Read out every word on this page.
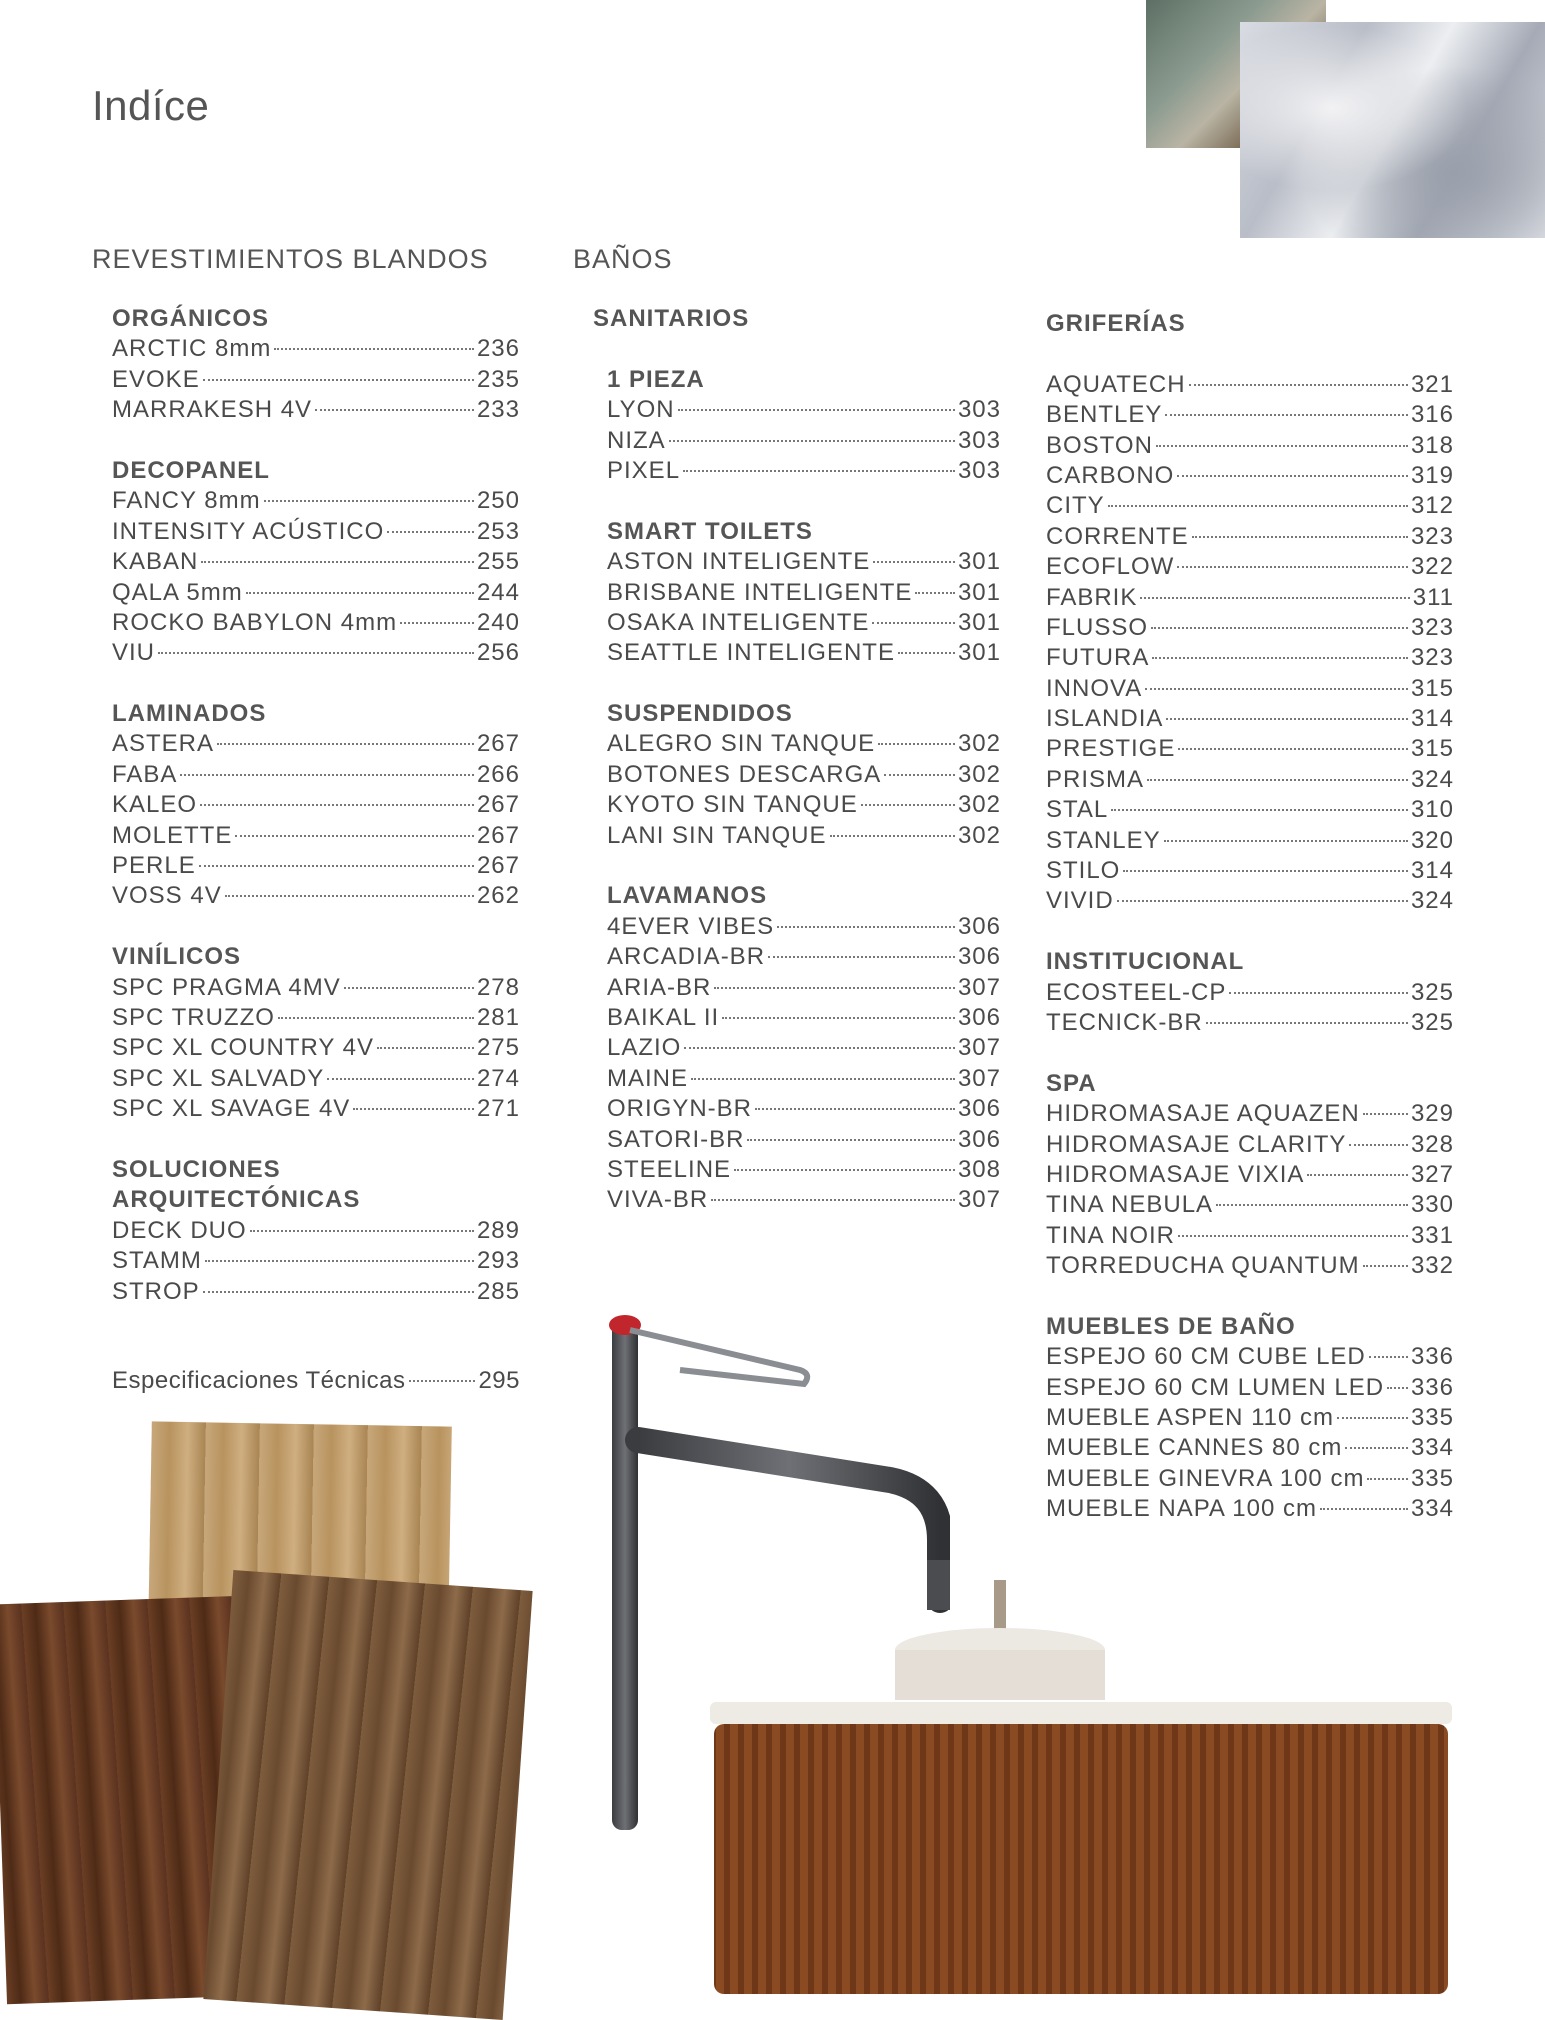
Indíce
REVESTIMIENTOS BLANDOS	BAÑOS
ORGÁNICOS
ARCTIC 8mm	236
EVOKE	235
MARRAKESH 4V	233
DECOPANEL
FANCY 8mm	250
INTENSITY ACÚSTICO	253
KABAN	255
QALA 5mm	244
ROCKO BABYLON 4mm	240
VIU	256
LAMINADOS
ASTERA	267
FABA	266
KALEO	267
MOLETTE	267
PERLE	267
VOSS 4V	262
VINÍLICOS
SPC PRAGMA 4MV	278
SPC TRUZZO	281
SPC XL COUNTRY 4V	275
SPC XL SALVADY	274
SPC XL SAVAGE 4V	271
SOLUCIONES
ARQUITECTÓNICAS
DECK DUO	289
STAMM	293
STROP	285
Especificaciones Técnicas	295
SANITARIOS
1 PIEZA
LYON	303
NIZA	303
PIXEL	303
SMART TOILETS
ASTON INTELIGENTE	301
BRISBANE INTELIGENTE 301
OSAKA INTELIGENTE	301
SEATTLE INTELIGENTE	301
SUSPENDIDOS
ALEGRO SIN TANQUE	302
BOTONES DESCARGA	302
KYOTO SIN TANQUE	302
LANI SIN TANQUE	302
LAVAMANOS
4EVER VIBES	306
ARCADIA-BR	306
ARIA-BR	307
BAIKAL II	306
LAZIO	307
MAINE	307
ORIGYN-BR	306
SATORI-BR	306
STEELINE	308
VIVA-BR	307
GRIFERÍAS
AQUATECH	321
BENTLEY	316
BOSTON	318
CARBONO	319
CITY	312
CORRENTE	323
ECOFLOW	322
FABRIK	311
FLUSSO	323
FUTURA	323
INNOVA	315
ISLANDIA	314
PRESTIGE	315
PRISMA	324
STAL	310
STANLEY	320
STILO	314
VIVID	324
INSTITUCIONAL
ECOSTEEL-CP	325
TECNICK-BR	325
SPA
HIDROMASAJE AQUAZEN 329
HIDROMASAJE CLARITY	328
HIDROMASAJE VIXIA	327
TINA NEBULA	330
TINA NOIR	331
TORREDUCHA QUANTUM 332
MUEBLES DE BAÑO
ESPEJO 60 CM CUBE LED 336
ESPEJO 60 CM LUMEN LED 336
MUEBLE ASPEN 110 cm	335
MUEBLE CANNES 80 cm	334
MUEBLE GINEVRA 100 cm 335
MUEBLE NAPA 100 cm	334
